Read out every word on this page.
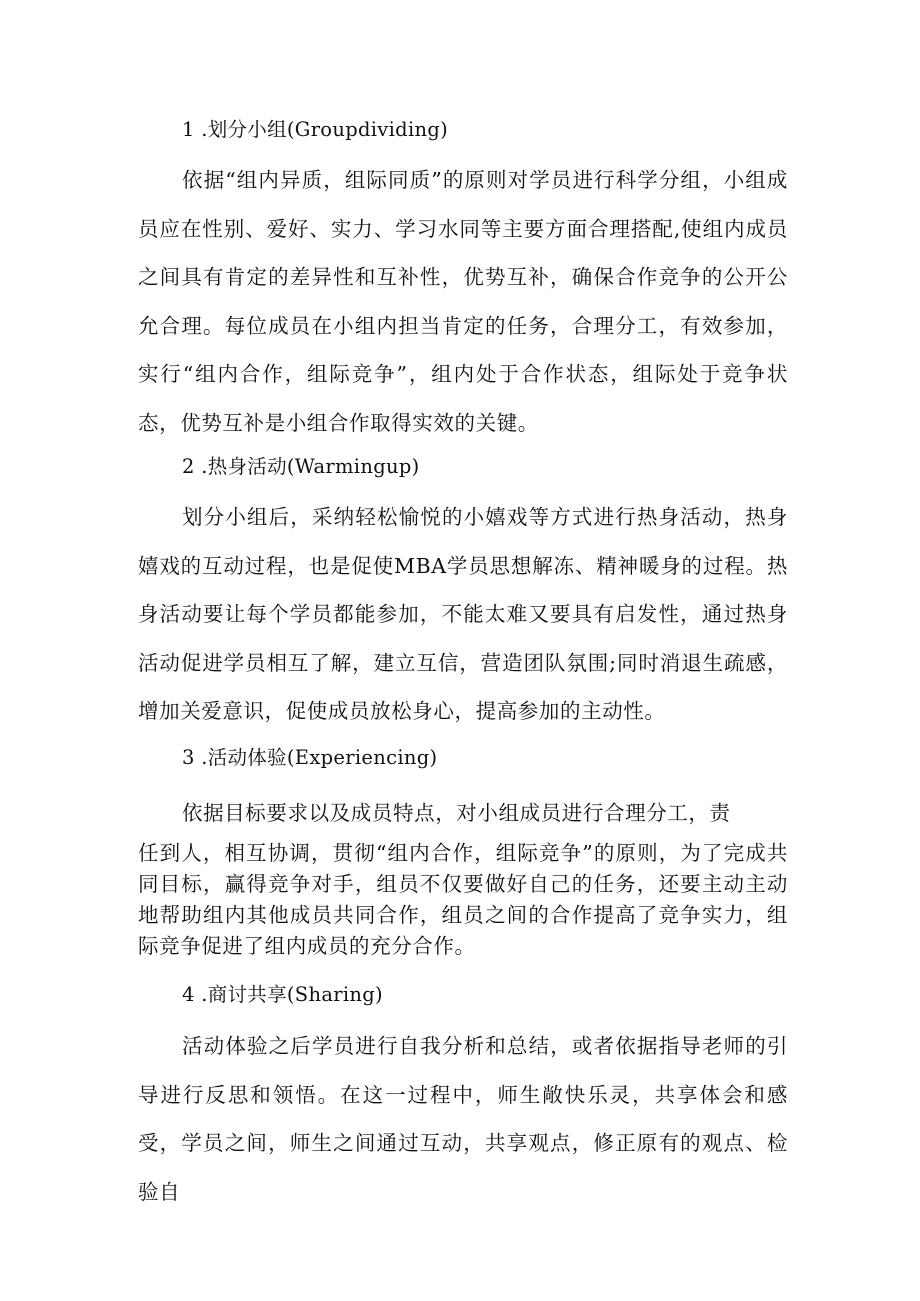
1 .划分小组(Groupdividing)

依据“组内异质，组际同质”的原则对学员进行科学分组，小组成员应在性别、爱好、实力、学习水同等主要方面合理搭配,使组内成员之间具有肯定的差异性和互补性，优势互补，确保合作竞争的公开公允合理。每位成员在小组内担当肯定的任务，合理分工，有效参加，实行“组内合作，组际竞争”，组内处于合作状态，组际处于竞争状态，优势互补是小组合作取得实效的关键。

2 .热身活动(Warmingup)

划分小组后，采纳轻松愉悦的小嬉戏等方式进行热身活动，热身嬉戏的互动过程，也是促使MBA学员思想解冻、精神暖身的过程。热身活动要让每个学员都能参加，不能太难又要具有启发性，通过热身活动促进学员相互了解，建立互信，营造团队氛围;同时消退生疏感，增加关爱意识，促使成员放松身心，提高参加的主动性。

3 .活动体验(Experiencing)

依据目标要求以及成员特点，对小组成员进行合理分工，责

任到人，相互协调，贯彻“组内合作，组际竞争”的原则，为了完成共同目标，赢得竞争对手，组员不仅要做好自己的任务，还要主动主动地帮助组内其他成员共同合作，组员之间的合作提高了竞争实力，组际竞争促进了组内成员的充分合作。

4 .商讨共享(Sharing)

活动体验之后学员进行自我分析和总结，或者依据指导老师的引导进行反思和领悟。在这一过程中，师生敞快乐灵，共享体会和感受，学员之间，师生之间通过互动，共享观点，修正原有的观点、检验自
